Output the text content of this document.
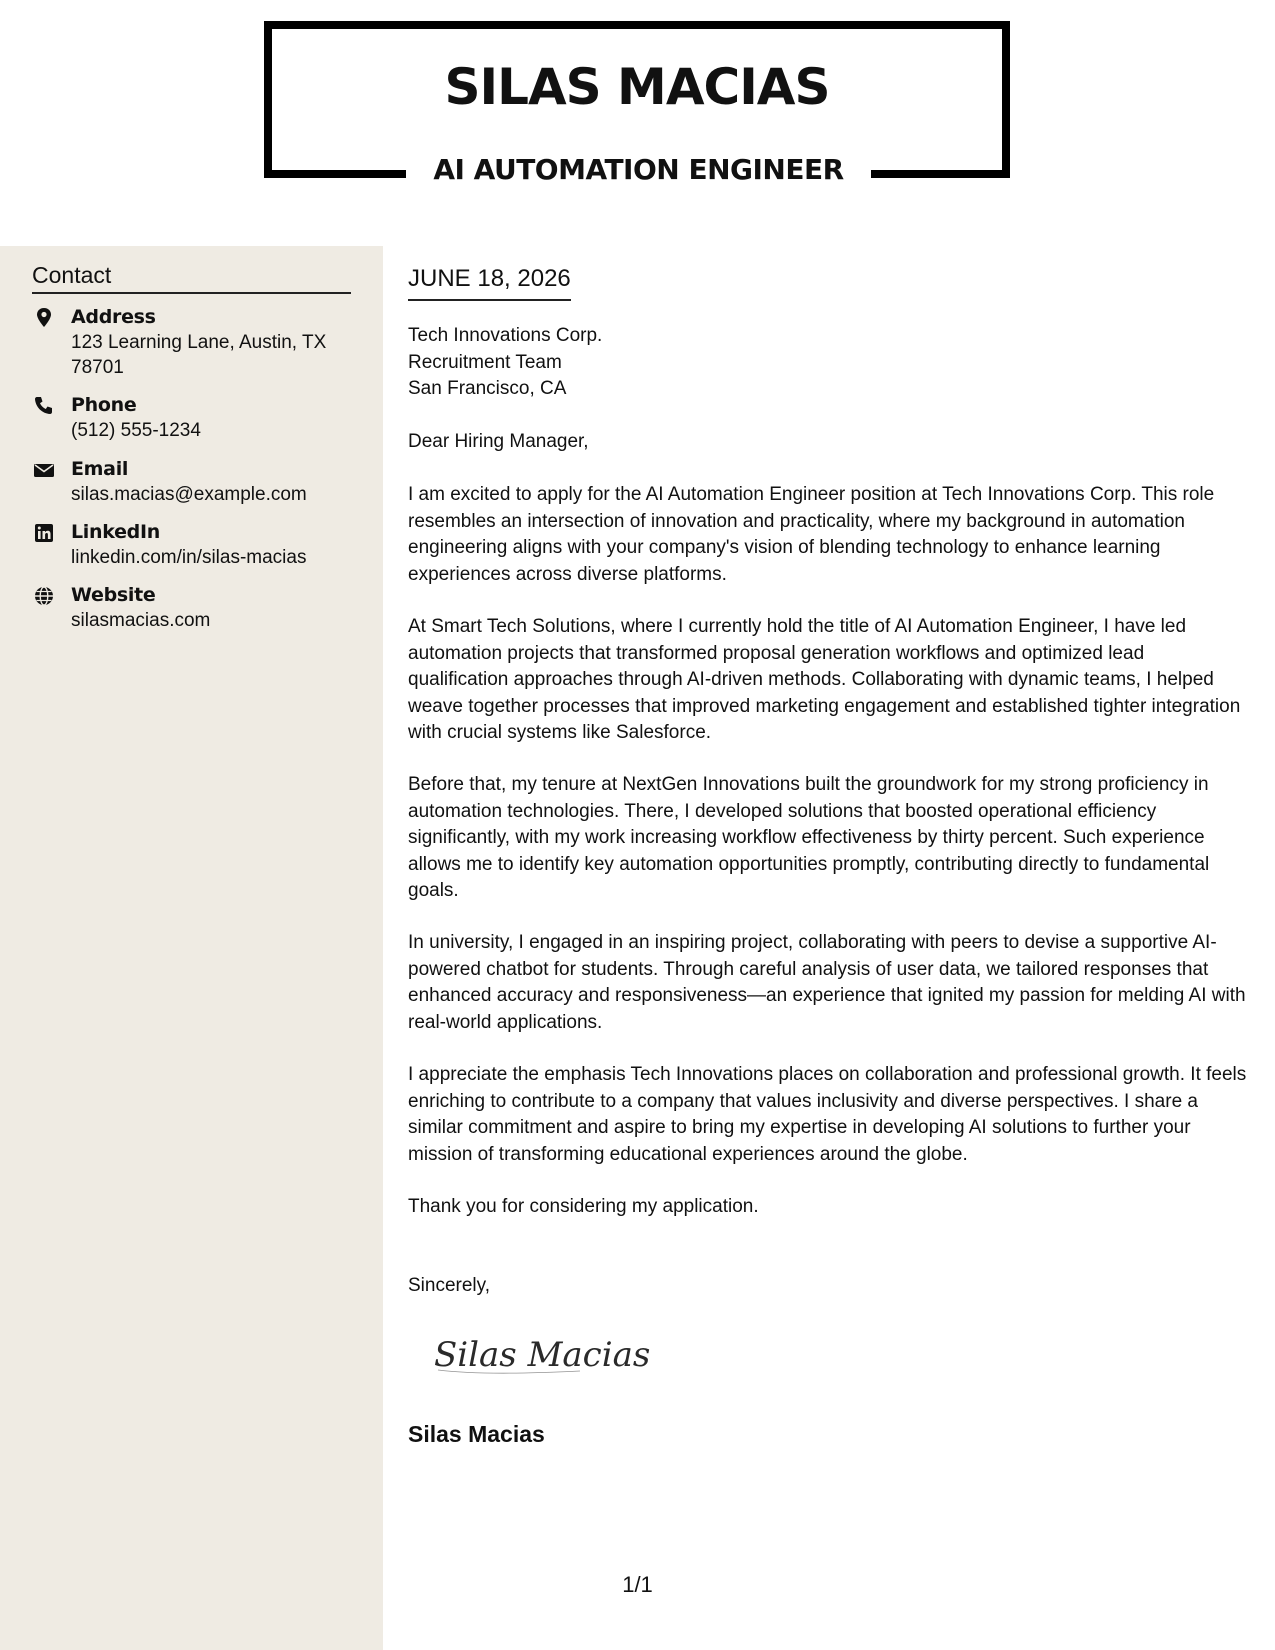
SILAS MACIAS
AI AUTOMATION ENGINEER
Contact
Address
123 Learning Lane, Austin, TX 78701
Phone
(512) 555-1234
Email
silas.macias@example.com
LinkedIn
linkedin.com/in/silas-macias
Website
silasmacias.com
JUNE 18, 2026
Tech Innovations Corp.
Recruitment Team
San Francisco, CA

Dear Hiring Manager,

I am excited to apply for the AI Automation Engineer position at Tech Innovations Corp. This role resembles an intersection of innovation and practicality, where my background in automation engineering aligns with your company's vision of blending technology to enhance learning experiences across diverse platforms.

At Smart Tech Solutions, where I currently hold the title of AI Automation Engineer, I have led automation projects that transformed proposal generation workflows and optimized lead qualification approaches through AI-driven methods. Collaborating with dynamic teams, I helped weave together processes that improved marketing engagement and established tighter integration with crucial systems like Salesforce.

Before that, my tenure at NextGen Innovations built the groundwork for my strong proficiency in automation technologies. There, I developed solutions that boosted operational efficiency significantly, with my work increasing workflow effectiveness by thirty percent. Such experience allows me to identify key automation opportunities promptly, contributing directly to fundamental goals.

In university, I engaged in an inspiring project, collaborating with peers to devise a supportive AI-powered chatbot for students. Through careful analysis of user data, we tailored responses that enhanced accuracy and responsiveness—an experience that ignited my passion for melding AI with real-world applications.

I appreciate the emphasis Tech Innovations places on collaboration and professional growth. It feels enriching to contribute to a company that values inclusivity and diverse perspectives. I share a similar commitment and aspire to bring my expertise in developing AI solutions to further your mission of transforming educational experiences around the globe.

Thank you for considering my application.

Sincerely,

Silas Macias
Silas Macias
1/1
